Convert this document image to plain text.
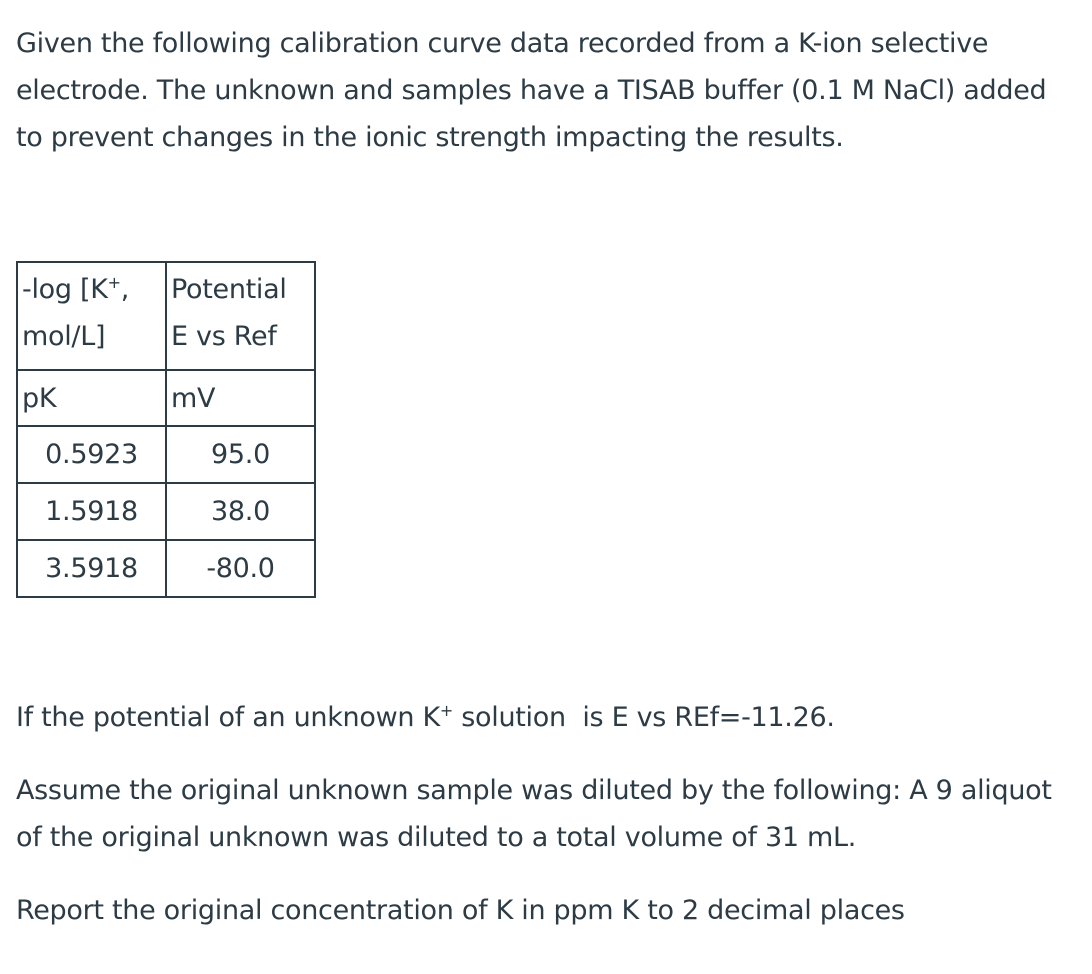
Given the following calibration curve data recorded from a K-ion selective electrode. The unknown and samples have a TISAB buffer (0.1 M NaCl) added to prevent changes in the ionic strength impacting the results.

-log [K+,
mol/L]	Potential
E vs Ref
pK	mV
0.5923	95.0
1.5918	38.0
3.5918	-80.0

If the potential of an unknown K+ solution  is E vs REf=-11.26.

Assume the original unknown sample was diluted by the following: A 9 aliquot of the original unknown was diluted to a total volume of 31 mL.

Report the original concentration of K in ppm K to 2 decimal places
